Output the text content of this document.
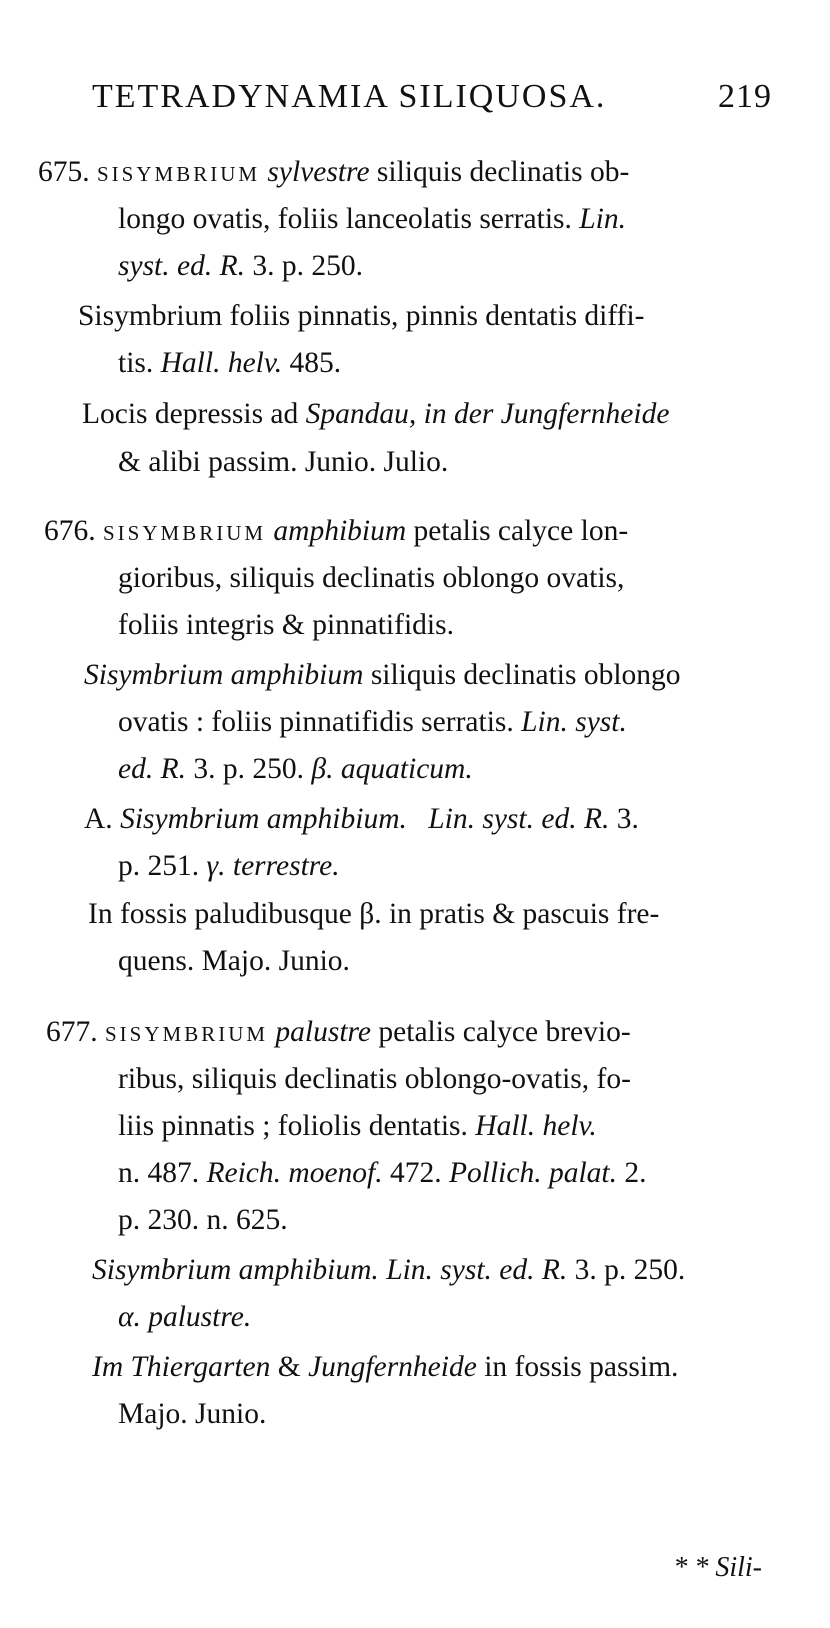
TETRADYNAMIA SILIQUOSA.	219
675. SISYMBRIUM sylvestre siliquis declinatis ob-
longo ovatis, foliis lanceolatis serratis. Lin.
syst. ed. R. 3. p. 250.
Sisymbrium foliis pinnatis, pinnis dentatis diffi-
tis. Hall. helv. 485.
Locis depressis ad Spandau, in der Jungfernheide
& alibi passim. Junio. Julio.
676. SISYMBRIUM amphibium petalis calyce lon-
gioribus, siliquis declinatis oblongo ovatis,
foliis integris & pinnatifidis.
Sisymbrium amphibium siliquis declinatis oblongo
ovatis : foliis pinnatifidis serratis. Lin. syst.
ed. R. 3. p. 250. β. aquaticum.
A. Sisymbrium amphibium. Lin. syst. ed. R. 3.
p. 251. γ. terrestre.
In fossis paludibusque β. in pratis & pascuis fre-
quens. Majo. Junio.
677. SISYMBRIUM palustre petalis calyce brevio-
ribus, siliquis declinatis oblongo-ovatis, fo-
liis pinnatis ; foliolis dentatis. Hall. helv.
n. 487. Reich. moenof. 472. Pollich. palat. 2.
p. 230. n. 625.
Sisymbrium amphibium. Lin. syst. ed. R. 3. p. 250.
α. palustre.
Im Thiergarten & Jungfernheide in fossis passim.
Majo. Junio.
* * Sili-
